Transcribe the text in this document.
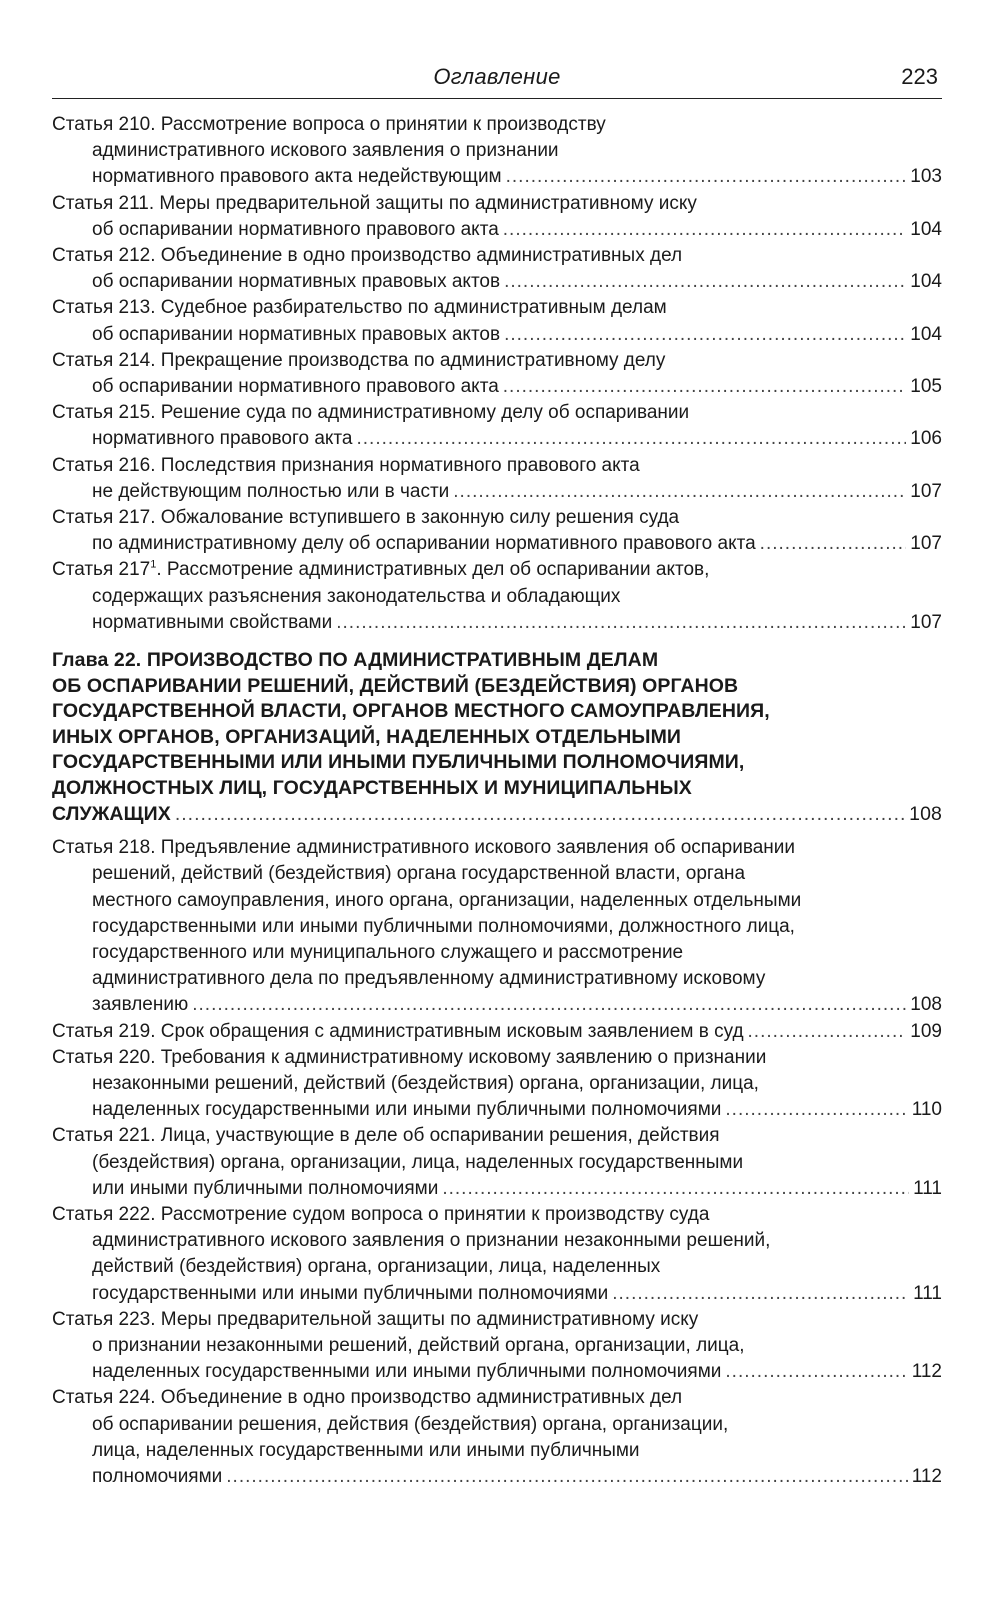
Оглавление	223
Статья 210. Рассмотрение вопроса о принятии к производству
административного искового заявления о признании
нормативного правового акта недействующим .....	103
Статья 211. Меры предварительной защиты по административному иску
об оспаривании нормативного правового акта .....	104
Статья 212. Объединение в одно производство административных дел
об оспаривании нормативных правовых актов .....	104
Статья 213. Судебное разбирательство по административным делам
об оспаривании нормативных правовых актов .....	104
Статья 214. Прекращение производства по административному делу
об оспаривании нормативного правового акта .....	105
Статья 215. Решение суда по административному делу об оспаривании
нормативного правового акта .....	106
Статья 216. Последствия признания нормативного правового акта
не действующим полностью или в части .....	107
Статья 217. Обжалование вступившего в законную силу решения суда
по административному делу об оспаривании нормативного правового акта .....	107
Статья $217^1$. Рассмотрение административных дел об оспаривании актов,
содержащих разъяснения законодательства и обладающих
нормативными свойствами .....	107
Глава 22. ПРОИЗВОДСТВО ПО АДМИНИСТРАТИВНЫМ ДЕЛАМ
ОБ ОСПАРИВАНИИ РЕШЕНИЙ, ДЕЙСТВИЙ (БЕЗДЕЙСТВИЯ) ОРГАНОВ
ГОСУДАРСТВЕННОЙ ВЛАСТИ, ОРГАНОВ МЕСТНОГО САМОУПРАВЛЕНИЯ,
ИНЫХ ОРГАНОВ, ОРГАНИЗАЦИЙ, НАДЕЛЕННЫХ ОТДЕЛЬНЫМИ
ГОСУДАРСТВЕННЫМИ ИЛИ ИНЫМИ ПУБЛИЧНЫМИ ПОЛНОМОЧИЯМИ,
ДОЛЖНОСТНЫХ ЛИЦ, ГОСУДАРСТВЕННЫХ И МУНИЦИПАЛЬНЫХ
СЛУЖАЩИХ .....	108
Статья 218. Предъявление административного искового заявления об оспаривании
решений, действий (бездействия) органа государственной власти, органа
местного самоуправления, иного органа, организации, наделенных отдельными
государственными или иными публичными полномочиями, должностного лица,
государственного или муниципального служащего и рассмотрение
административного дела по предъявленному административному исковому
заявлению .....	108
Статья 219. Срок обращения с административным исковым заявлением в суд .....	109
Статья 220. Требования к административному исковому заявлению о признании
незаконными решений, действий (бездействия) органа, организации, лица,
наделенных государственными или иными публичными полномочиями .....	110
Статья 221. Лица, участвующие в деле об оспаривании решения, действия
(бездействия) органа, организации, лица, наделенных государственными
или иными публичными полномочиями .....	111
Статья 222. Рассмотрение судом вопроса о принятии к производству суда
административного искового заявления о признании незаконными решений,
действий (бездействия) органа, организации, лица, наделенных
государственными или иными публичными полномочиями .....	111
Статья 223. Меры предварительной защиты по административному иску
о признании незаконными решений, действий органа, организации, лица,
наделенных государственными или иными публичными полномочиями .....	112
Статья 224. Объединение в одно производство административных дел
об оспаривании решения, действия (бездействия) органа, организации,
лица, наделенных государственными или иными публичными
полномочиями .....	112
